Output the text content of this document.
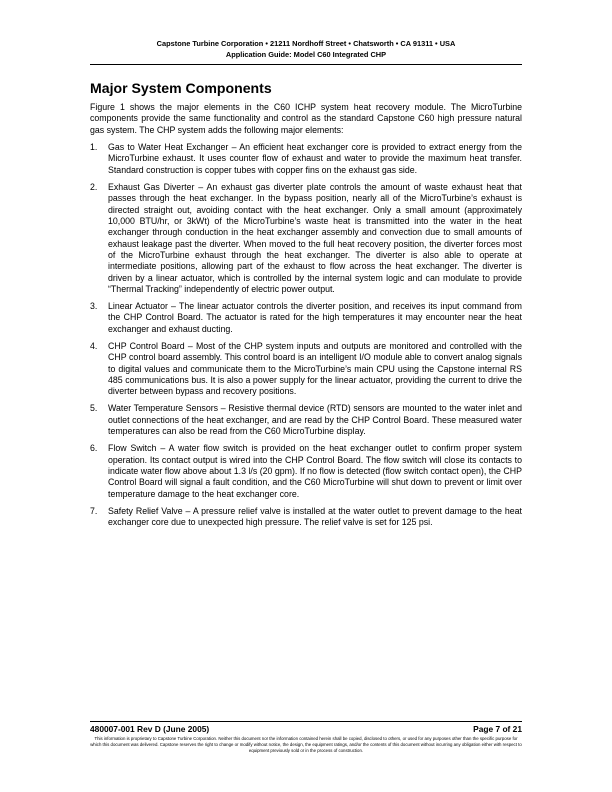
Capstone Turbine Corporation • 21211 Nordhoff Street • Chatsworth • CA 91311 • USA
Application Guide: Model C60 Integrated CHP
Major System Components

Figure 1 shows the major elements in the C60 ICHP system heat recovery module. The MicroTurbine components provide the same functionality and control as the standard Capstone C60 high pressure natural gas system. The CHP system adds the following major elements:

1. Gas to Water Heat Exchanger – An efficient heat exchanger core is provided to extract energy from the MicroTurbine exhaust. It uses counter flow of exhaust and water to provide the maximum heat transfer. Standard construction is copper tubes with copper fins on the exhaust gas side.
2. Exhaust Gas Diverter – An exhaust gas diverter plate controls the amount of waste exhaust heat that passes through the heat exchanger. In the bypass position, nearly all of the MicroTurbine’s exhaust is directed straight out, avoiding contact with the heat exchanger. Only a small amount (approximately 10,000 BTU/hr, or 3kWt) of the MicroTurbine’s waste heat is transmitted into the water in the heat exchanger through conduction in the heat exchanger assembly and convection due to small amounts of exhaust leakage past the diverter. When moved to the full heat recovery position, the diverter forces most of the MicroTurbine exhaust through the heat exchanger. The diverter is also able to operate at intermediate positions, allowing part of the exhaust to flow across the heat exchanger. The diverter is driven by a linear actuator, which is controlled by the internal system logic and can modulate to provide “Thermal Tracking” independently of electric power output.
3. Linear Actuator – The linear actuator controls the diverter position, and receives its input command from the CHP Control Board. The actuator is rated for the high temperatures it may encounter near the heat exchanger and exhaust ducting.
4. CHP Control Board – Most of the CHP system inputs and outputs are monitored and controlled with the CHP control board assembly. This control board is an intelligent I/O module able to convert analog signals to digital values and communicate them to the MicroTurbine’s main CPU using the Capstone internal RS 485 communications bus. It is also a power supply for the linear actuator, providing the current to drive the diverter between bypass and recovery positions.
5. Water Temperature Sensors – Resistive thermal device (RTD) sensors are mounted to the water inlet and outlet connections of the heat exchanger, and are read by the CHP Control Board. These measured water temperatures can also be read from the C60 MicroTurbine display.
6. Flow Switch – A water flow switch is provided on the heat exchanger outlet to confirm proper system operation. Its contact output is wired into the CHP Control Board. The flow switch will close its contacts to indicate water flow above about 1.3 l/s (20 gpm). If no flow is detected (flow switch contact open), the CHP Control Board will signal a fault condition, and the C60 MicroTurbine will shut down to prevent or limit over temperature damage to the heat exchanger core.
7. Safety Relief Valve – A pressure relief valve is installed at the water outlet to prevent damage to the heat exchanger core due to unexpected high pressure. The relief valve is set for 125 psi.
480007-001 Rev D (June 2005)	Page 7 of 21
This information is proprietary to Capstone Turbine Corporation. Neither this document nor the information contained herein shall be copied, disclosed to others, or used for any purposes other than the specific purpose for which this document was delivered. Capstone reserves the right to change or modify without notice, the design, the equipment ratings, and/or the contents of this document without incurring any obligation either with respect to equipment previously sold or in the process of construction.
